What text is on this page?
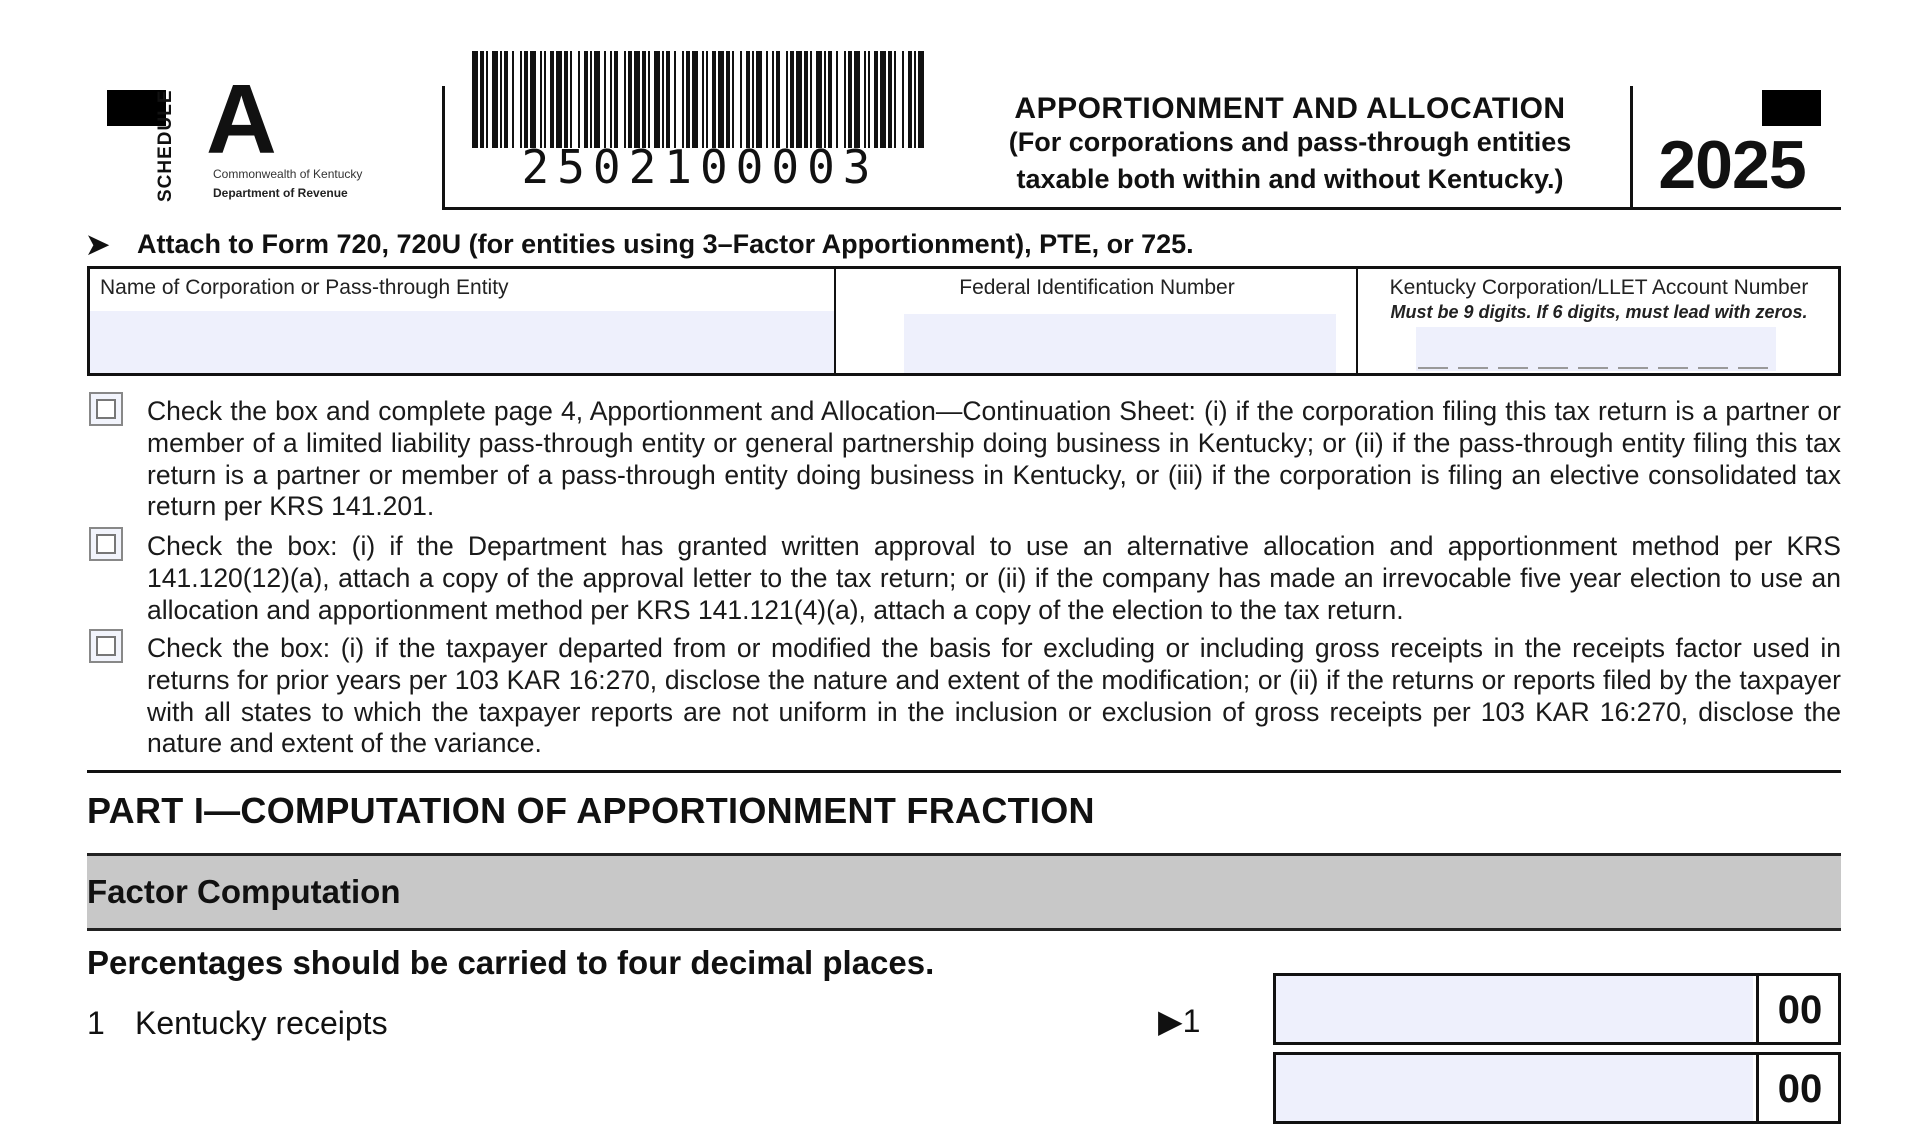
SCHEDULE A
Commonwealth of Kentucky
Department of Revenue	2502100003
APPORTIONMENT AND ALLOCATION
(For corporations and pass-through entities
taxable both within and without Kentucky.)	2025
➤ Attach to Form 720, 720U (for entities using 3–Factor Apportionment), PTE, or 725.
Name of Corporation or Pass-through Entity	Federal Identification Number	Kentucky Corporation/LLET Account Number
Must be 9 digits. If 6 digits, must lead with zeros.
Check the box and complete page 4, Apportionment and Allocation—Continuation Sheet: (i) if the corporation filing this tax return is a partner or member of a limited liability pass-through entity or general partnership doing business in Kentucky; or (ii) if the pass-through entity filing this tax return is a partner or member of a pass-through entity doing business in Kentucky, or (iii) if the corporation is filing an elective consolidated tax return per KRS 141.201.
Check the box: (i) if the Department has granted written approval to use an alternative allocation and apportionment method per KRS 141.120(12)(a), attach a copy of the approval letter to the tax return; or (ii) if the company has made an irrevocable five year election to use an allocation and apportionment method per KRS 141.121(4)(a), attach a copy of the election to the tax return.
Check the box: (i) if the taxpayer departed from or modified the basis for excluding or including gross receipts in the receipts factor used in returns for prior years per 103 KAR 16:270, disclose the nature and extent of the modification; or (ii) if the returns or reports filed by the taxpayer with all states to which the taxpayer reports are not uniform in the inclusion or exclusion of gross receipts per 103 KAR 16:270, disclose the nature and extent of the variance.
PART I—COMPUTATION OF APPORTIONMENT FRACTION
Factor Computation
Percentages should be carried to four decimal places.
1 Kentucky receipts	▶1	00
00
